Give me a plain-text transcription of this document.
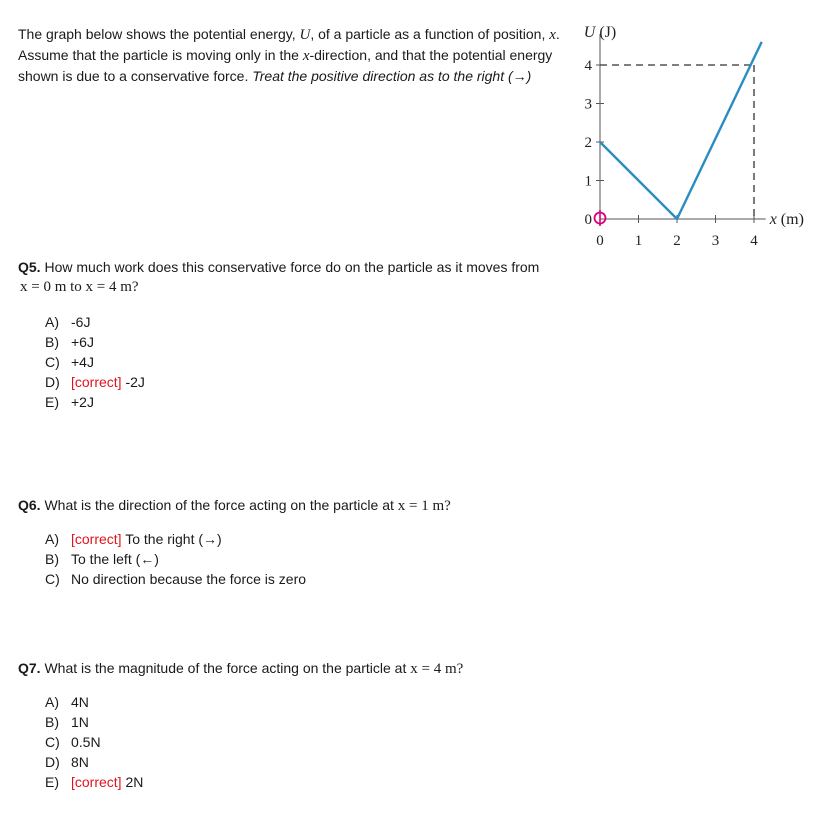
The graph below shows the potential energy, U, of a particle as a function of position, x. Assume that the particle is moving only in the x-direction, and that the potential energy shown is due to a conservative force. Treat the positive direction as to the right (→)
0
1
2
3
4
0 1 2 3 4
U (J)
x (m)
Q5. How much work does this conservative force do on the particle as it moves from
x = 0 m to x = 4 m?
A) -6J
B) +6J
C) +4J
D) [correct] -2J
E) +2J
Q6. What is the direction of the force acting on the particle at x = 1 m?
A) [correct] To the right (→)
B) To the left (←)
C) No direction because the force is zero
Q7. What is the magnitude of the force acting on the particle at x = 4 m?
A) 4N
B) 1N
C) 0.5N
D) 8N
E) [correct] 2N
